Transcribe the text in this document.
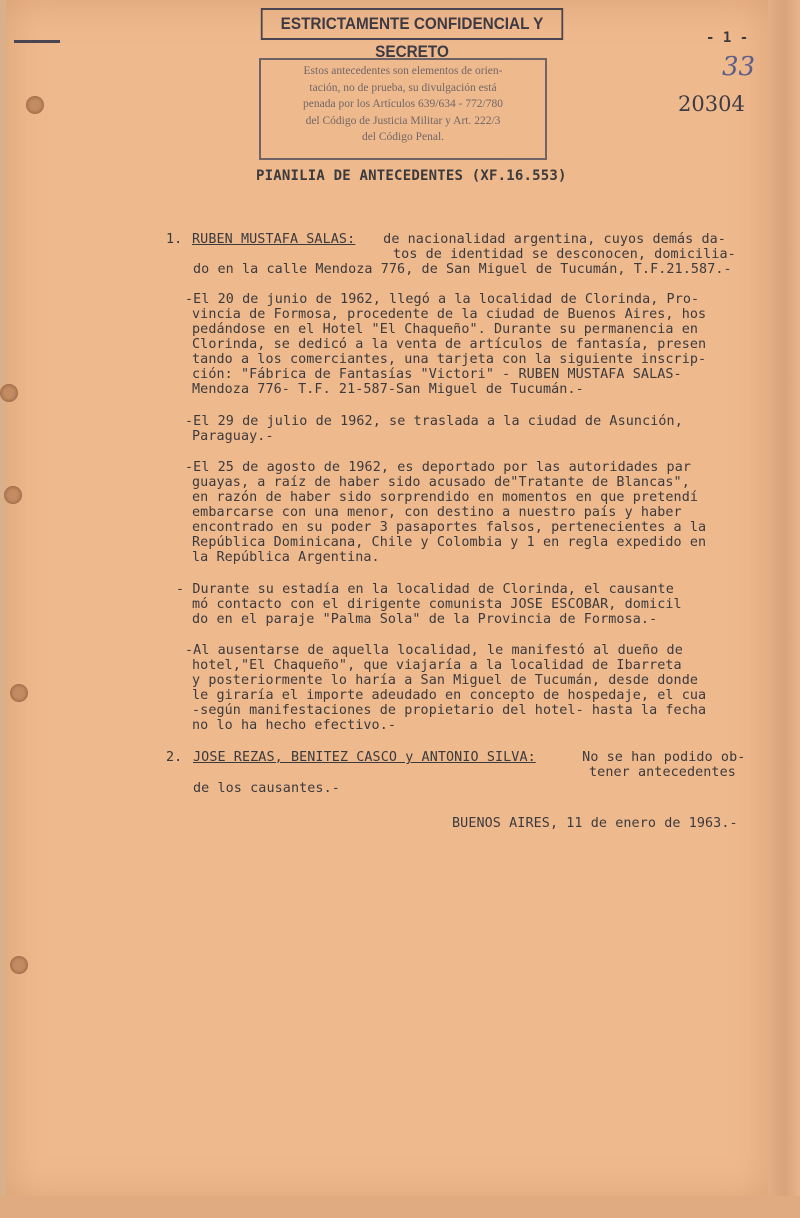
ESTRICTAMENTE CONFIDENCIAL Y SECRETO
Estos antecedentes son elementos de orien-
tación, no de prueba, su divulgación está
penada por los Artículos 639/634 - 772/780
del Código de Justicia Militar y Art. 222/3
del Código Penal.
- 1 -
33
20304
PIANILIA DE ANTECEDENTES (XF.16.553)
1. RUBEN MUSTAFA SALAS: de nacionalidad argentina, cuyos demás da-
tos de identidad se desconocen, domicilia-
do en la calle Mendoza 776, de San Miguel de Tucumán, T.F.21.587.-
-El 20 de junio de 1962, llegó a la localidad de Clorinda, Pro-
vincia de Formosa, procedente de la ciudad de Buenos Aires, hos
pedándose en el Hotel "El Chaqueño". Durante su permanencia en
Clorinda, se dedicó a la venta de artículos de fantasía, presen
tando a los comerciantes, una tarjeta con la siguiente inscrip-
ción: "Fábrica de Fantasías "Victori" - RUBEN MUSTAFA SALAS-
Mendoza 776- T.F. 21-587-San Miguel de Tucumán.-
-El 29 de julio de 1962, se traslada a la ciudad de Asunción,
Paraguay.-
-El 25 de agosto de 1962, es deportado por las autoridades par
guayas, a raíz de haber sido acusado de"Tratante de Blancas",
en razón de haber sido sorprendido en momentos en que pretendí
embarcarse con una menor, con destino a nuestro país y haber
encontrado en su poder 3 pasaportes falsos, pertenecientes a la
República Dominicana, Chile y Colombia y 1 en regla expedido en
la República Argentina.
- Durante su estadía en la localidad de Clorinda, el causante
mó contacto con el dirigente comunista JOSE ESCOBAR, domicil
do en el paraje "Palma Sola" de la Provincia de Formosa.-
-Al ausentarse de aquella localidad, le manifestó al dueño de
hotel,"El Chaqueño", que viajaría a la localidad de Ibarreta
y posteriormente lo haría a San Miguel de Tucumán, desde donde
le giraría el importe adeudado en concepto de hospedaje, el cua
-según manifestaciones de propietario del hotel- hasta la fecha
no lo ha hecho efectivo.-
2. JOSE REZAS, BENITEZ CASCO y ANTONIO SILVA:	No se han podido ob-
tener antecedentes
de los causantes.-
BUENOS AIRES, 11 de enero de 1963.-
